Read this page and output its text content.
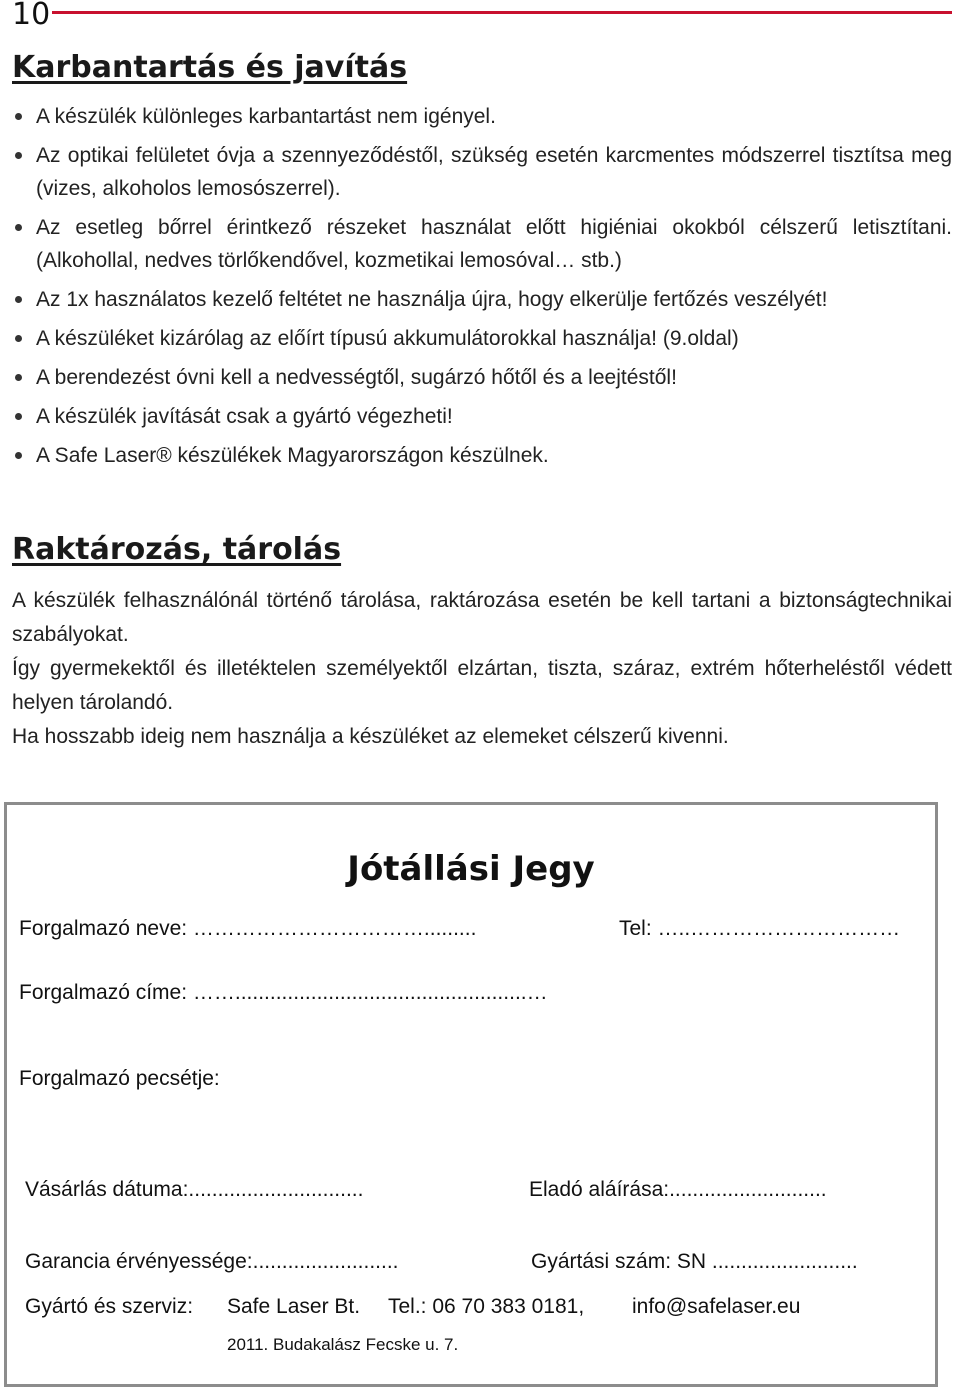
10
Karbantartás és javítás
A készülék különleges karbantartást nem igényel.
Az optikai felületet óvja a szennyeződéstől, szükség esetén karcmentes módszerrel tisztítsa meg (vizes, alkoholos lemosószerrel).
Az esetleg bőrrel érintkező részeket használat előtt higiéniai okokból célszerű letisztítani. (Alkohollal, nedves törlőkendővel, kozmetikai lemosóval… stb.)
Az 1x használatos kezelő feltétet ne használja újra, hogy elkerülje fertőzés veszélyét!
A készüléket kizárólag az előírt típusú akkumulátorokkal használja! (9.oldal)
A berendezést óvni kell a nedvességtől, sugárzó hőtől és a leejtéstől!
A készülék javítását csak a gyártó végezheti!
A Safe Laser® készülékek Magyarországon készülnek.
Raktározás, tárolás

A készülék felhasználónál történő tárolása, raktározása esetén be kell tartani a biztonságtechnikai szabályokat.

Így gyermekektől és illetéktelen személyektől elzártan, tiszta, száraz, extrém hőterheléstől védett helyen tárolandó.

Ha hosszabb ideig nem használja a készüléket az elemeket célszerű kivenni.

Jótállási Jegy
Forgalmazó neve: …………………………….........	Tel: …..…………………………
Forgalmazó címe: ……..................................................…
Forgalmazó pecsétje:
Vásárlás dátuma:..............................	Eladó aláírása:...........................
Garancia érvényessége:.........................	Gyártási szám: SN .........................
Gyártó és szerviz: Safe Laser Bt. Tel.: 06 70 383 0181, info@safelaser.eu
2011. Budakalász Fecske u. 7.
